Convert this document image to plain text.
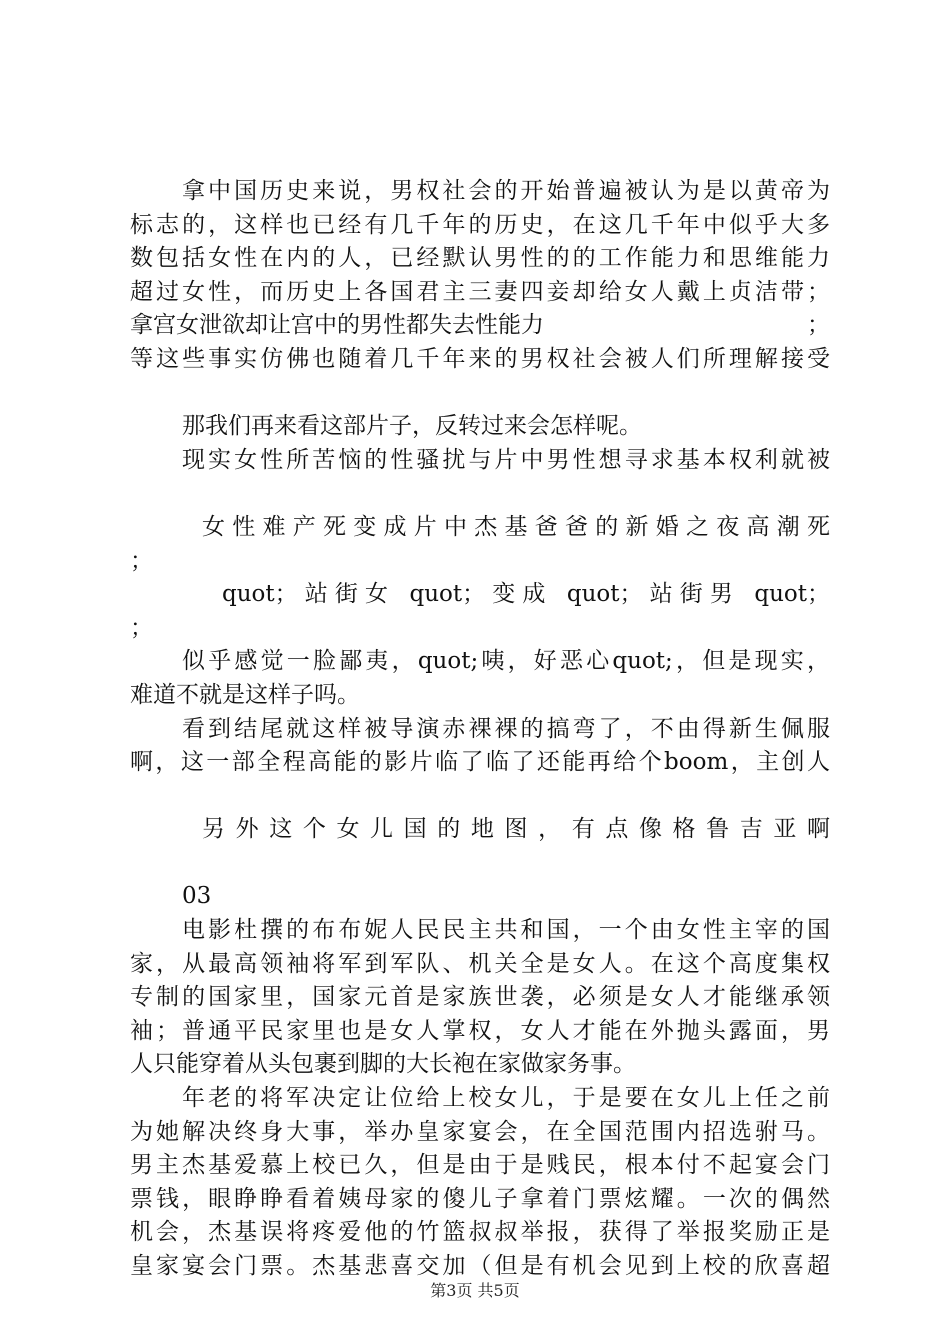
拿中国历史来说，男权社会的开始普遍被认为是以黄帝为
标志的，这样也已经有几千年的历史，在这几千年中似乎大多
数包括女性在内的人，已经默认男性的的工作能力和思维能力
超过女性，而历史上各国君主三妻四妾却给女人戴上贞洁带；
拿宫女泄欲却让宫中的男性都失去性能力	；
等这些事实仿佛也随着几千年来的男权社会被人们所理解接受

那我们再来看这部片子，反转过来会怎样呢。
现实女性所苦恼的性骚扰与片中男性想寻求基本权利就被

女性难产死变成片中杰基爸爸的新婚之夜高潮死
；
quot；站街女 quot；变成 quot；站街男 quot；
；
似乎感觉一脸鄙夷，quot;咦，好恶心quot;，但是现实，
难道不就是这样子吗。
看到结尾就这样被导演赤裸裸的搞弯了，不由得新生佩服
啊，这一部全程高能的影片临了临了还能再给个boom，主创人

另外这个女儿国的地图，有点像格鲁吉亚啊

03
电影杜撰的布布妮人民民主共和国，一个由女性主宰的国
家，从最高领袖将军到军队、机关全是女人。在这个高度集权
专制的国家里，国家元首是家族世袭，必须是女人才能继承领
袖；普通平民家里也是女人掌权，女人才能在外抛头露面，男
人只能穿着从头包裹到脚的大长袍在家做家务事。
年老的将军决定让位给上校女儿，于是要在女儿上任之前
为她解决终身大事，举办皇家宴会，在全国范围内招选驸马。
男主杰基爱慕上校已久，但是由于是贱民，根本付不起宴会门
票钱，眼睁睁看着姨母家的傻儿子拿着门票炫耀。一次的偶然
机会，杰基误将疼爱他的竹篮叔叔举报，获得了举报奖励正是
皇家宴会门票。杰基悲喜交加（但是有机会见到上校的欣喜超
第3页 共5页
